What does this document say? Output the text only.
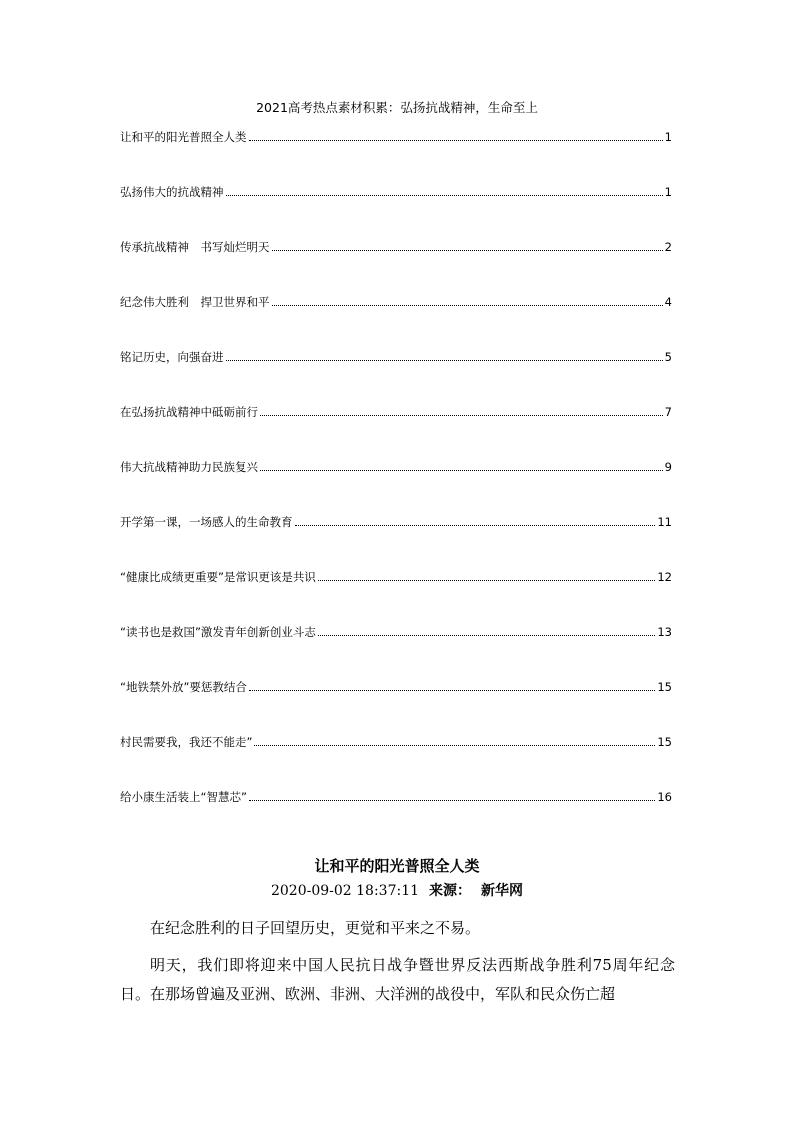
2021高考热点素材积累：弘扬抗战精神，生命至上
让和平的阳光普照全人类	1
弘扬伟大的抗战精神	1
传承抗战精神　书写灿烂明天	2
纪念伟大胜利　捍卫世界和平	4
铭记历史，向强奋进	5
在弘扬抗战精神中砥砺前行	7
伟大抗战精神助力民族复兴	9
开学第一课，一场感人的生命教育	11
“健康比成绩更重要”是常识更该是共识	12
“读书也是救国”激发青年创新创业斗志	13
“地铁禁外放”要惩教结合	15
村民需要我，我还不能走”	15
给小康生活装上“智慧芯”	16
让和平的阳光普照全人类
2020-09-02 18:37:11 来源： 新华网

在纪念胜利的日子回望历史，更觉和平来之不易。

明天，我们即将迎来中国人民抗日战争暨世界反法西斯战争胜利75周年纪念日。在那场曾遍及亚洲、欧洲、非洲、大洋洲的战役中，军队和民众伤亡超
